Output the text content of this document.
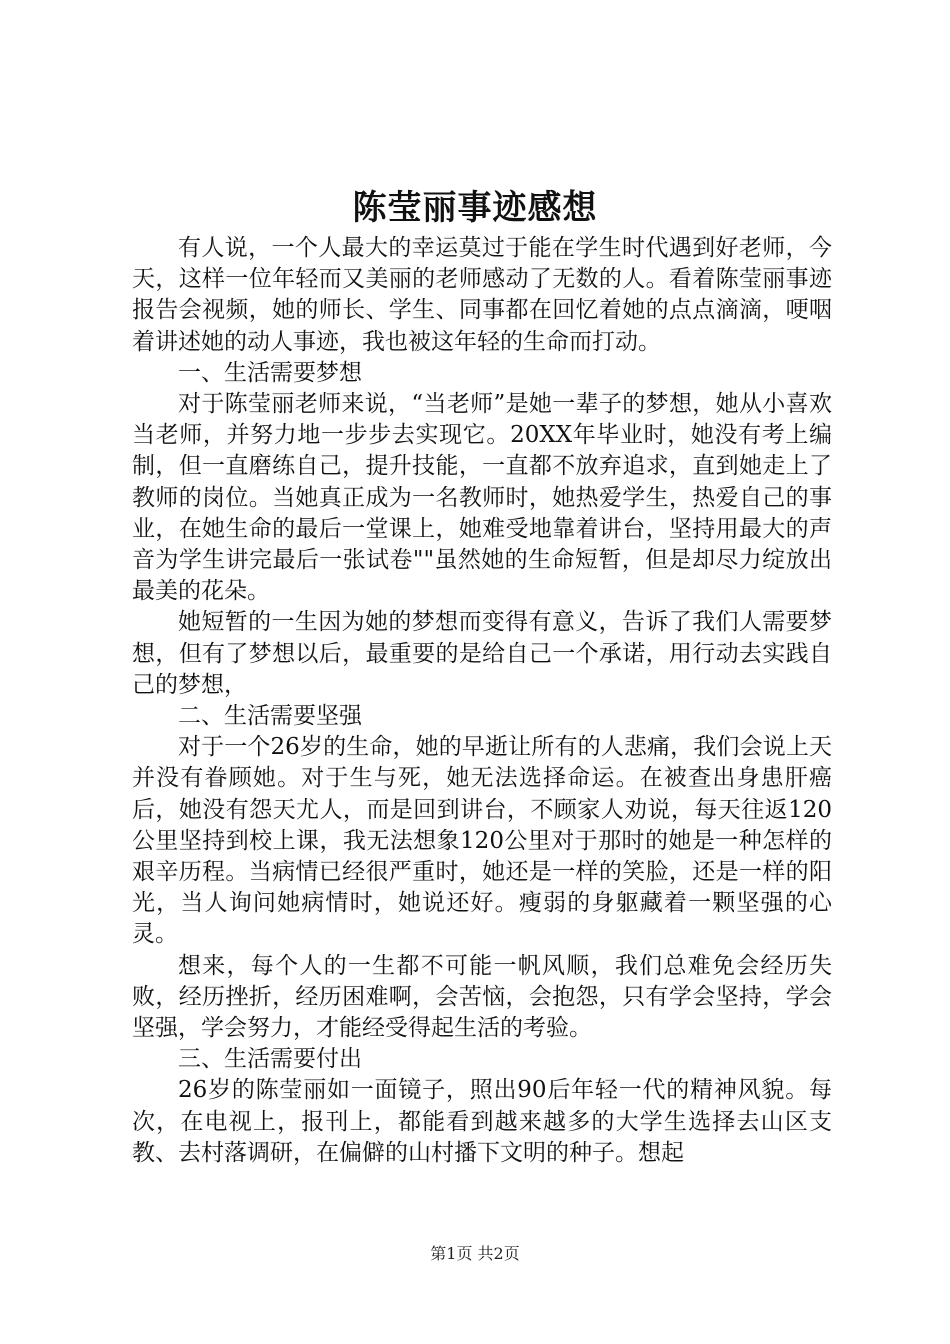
陈莹丽事迹感想

有人说，一个人最大的幸运莫过于能在学生时代遇到好老师，今天，这样一位年轻而又美丽的老师感动了无数的人。看着陈莹丽事迹报告会视频，她的师长、学生、同事都在回忆着她的点点滴滴，哽咽着讲述她的动人事迹，我也被这年轻的生命而打动。

一、生活需要梦想

对于陈莹丽老师来说，“当老师”是她一辈子的梦想，她从小喜欢当老师，并努力地一步步去实现它。20XX年毕业时，她没有考上编制，但一直磨练自己，提升技能，一直都不放弃追求，直到她走上了教师的岗位。当她真正成为一名教师时，她热爱学生，热爱自己的事业，在她生命的最后一堂课上，她难受地靠着讲台，坚持用最大的声音为学生讲完最后一张试卷""虽然她的生命短暂，但是却尽力绽放出最美的花朵。

她短暂的一生因为她的梦想而变得有意义，告诉了我们人需要梦想，但有了梦想以后，最重要的是给自己一个承诺，用行动去实践自己的梦想，

二、生活需要坚强

对于一个26岁的生命，她的早逝让所有的人悲痛，我们会说上天并没有眷顾她。对于生与死，她无法选择命运。在被查出身患肝癌后，她没有怨天尤人，而是回到讲台，不顾家人劝说，每天往返120公里坚持到校上课，我无法想象120公里对于那时的她是一种怎样的艰辛历程。当病情已经很严重时，她还是一样的笑脸，还是一样的阳光，当人询问她病情时，她说还好。瘦弱的身躯藏着一颗坚强的心灵。

想来，每个人的一生都不可能一帆风顺，我们总难免会经历失败，经历挫折，经历困难啊，会苦恼，会抱怨，只有学会坚持，学会坚强，学会努力，才能经受得起生活的考验。

三、生活需要付出

26岁的陈莹丽如一面镜子，照出90后年轻一代的精神风貌。每次，在电视上，报刊上，都能看到越来越多的大学生选择去山区支教、去村落调研，在偏僻的山村播下文明的种子。想起

第1页 共2页
